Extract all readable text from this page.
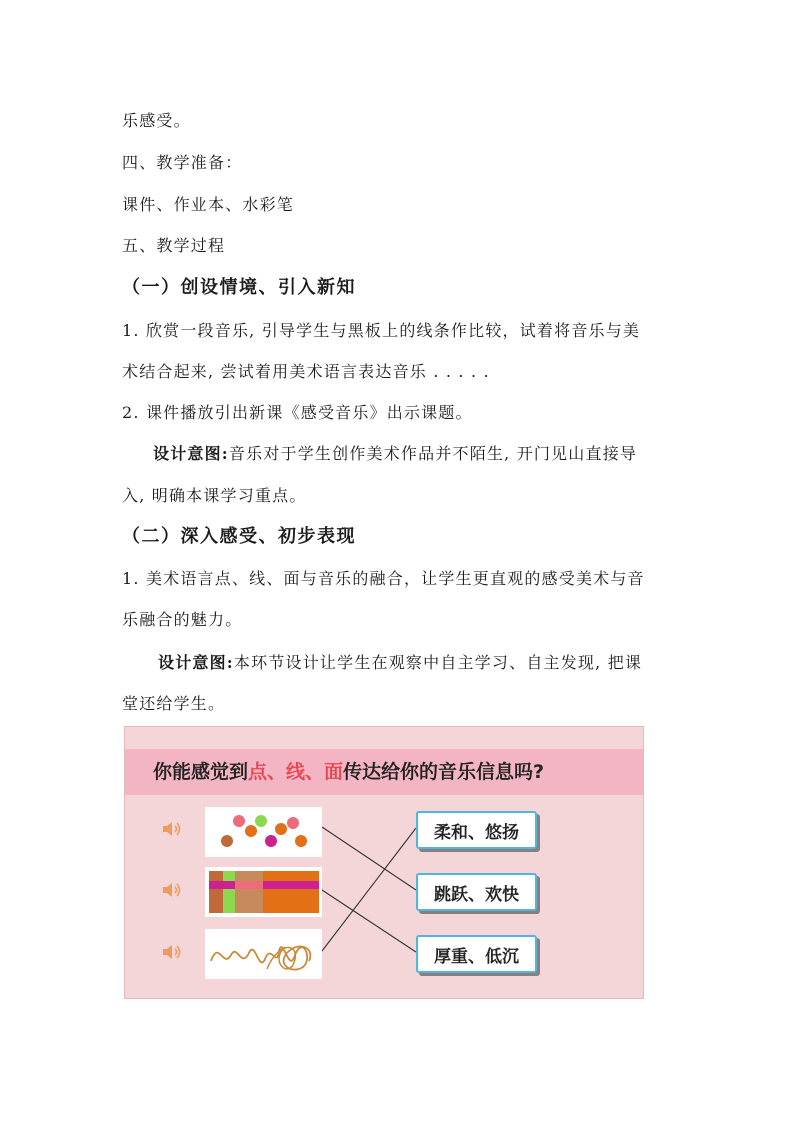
乐感受。
四、教学准备：
课件、作业本、水彩笔
五、教学过程
（一）创设情境、引入新知
1. 欣赏一段音乐, 引导学生与黑板上的线条作比较，试着将音乐与美
术结合起来, 尝试着用美术语言表达音乐 . . . . .
2. 课件播放引出新课《感受音乐》出示课题。
设计意图:音乐对于学生创作美术作品并不陌生, 开门见山直接导
入, 明确本课学习重点。
（二）深入感受、初步表现
1. 美术语言点、线、面与音乐的融合，让学生更直观的感受美术与音
乐融合的魅力。
设计意图:本环节设计让学生在观察中自主学习、自主发现, 把课
堂还给学生。
你能感觉到点、线、面传达给你的音乐信息吗?
柔和、悠扬
跳跃、欢快
厚重、低沉
